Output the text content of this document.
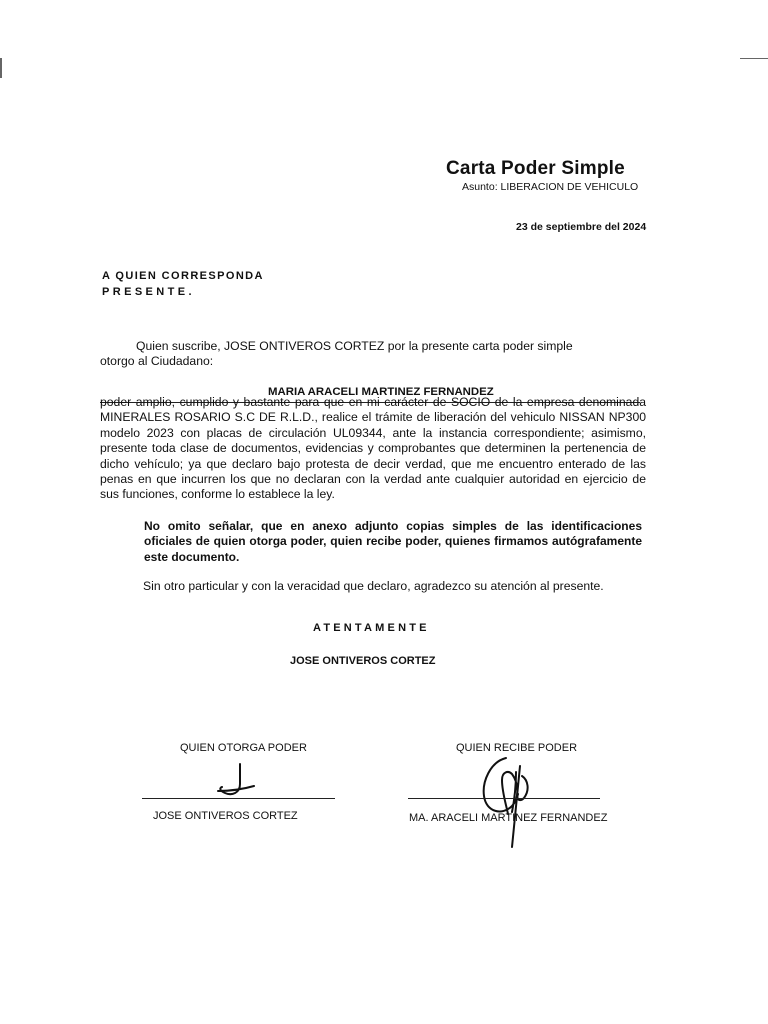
Carta Poder Simple
Asunto: LIBERACION DE VEHICULO
23 de septiembre del 2024
A QUIEN CORRESPONDA
PRESENTE.
Quien suscribe, JOSE ONTIVEROS CORTEZ por la presente carta poder simple
otorgo al Ciudadano:
MARIA ARACELI MARTINEZ FERNANDEZ
poder amplio, cumplido y bastante para que en mi carácter de SOCIO de la empresa denominada MINERALES ROSARIO S.C DE R.L.D., realice el trámite de liberación del vehiculo NISSAN NP300 modelo 2023 con placas de circulación UL09344, ante la instancia correspondiente; asimismo, presente toda clase de documentos, evidencias y comprobantes que determinen la pertenencia de dicho vehículo; ya que declaro bajo protesta de decir verdad, que me encuentro enterado de las penas en que incurren los que no declaran con la verdad ante cualquier autoridad en ejercicio de sus funciones, conforme lo establece la ley.
No omito señalar, que en anexo adjunto copias simples de las identificaciones oficiales de quien otorga poder, quien recibe poder, quienes firmamos autógrafamente este documento.
Sin otro particular y con la veracidad que declaro, agradezco su atención al presente.
ATENTAMENTE
JOSE ONTIVEROS CORTEZ
QUIEN OTORGA PODER
JOSE ONTIVEROS CORTEZ
QUIEN RECIBE PODER
MA. ARACELI MARTINEZ FERNANDEZ
